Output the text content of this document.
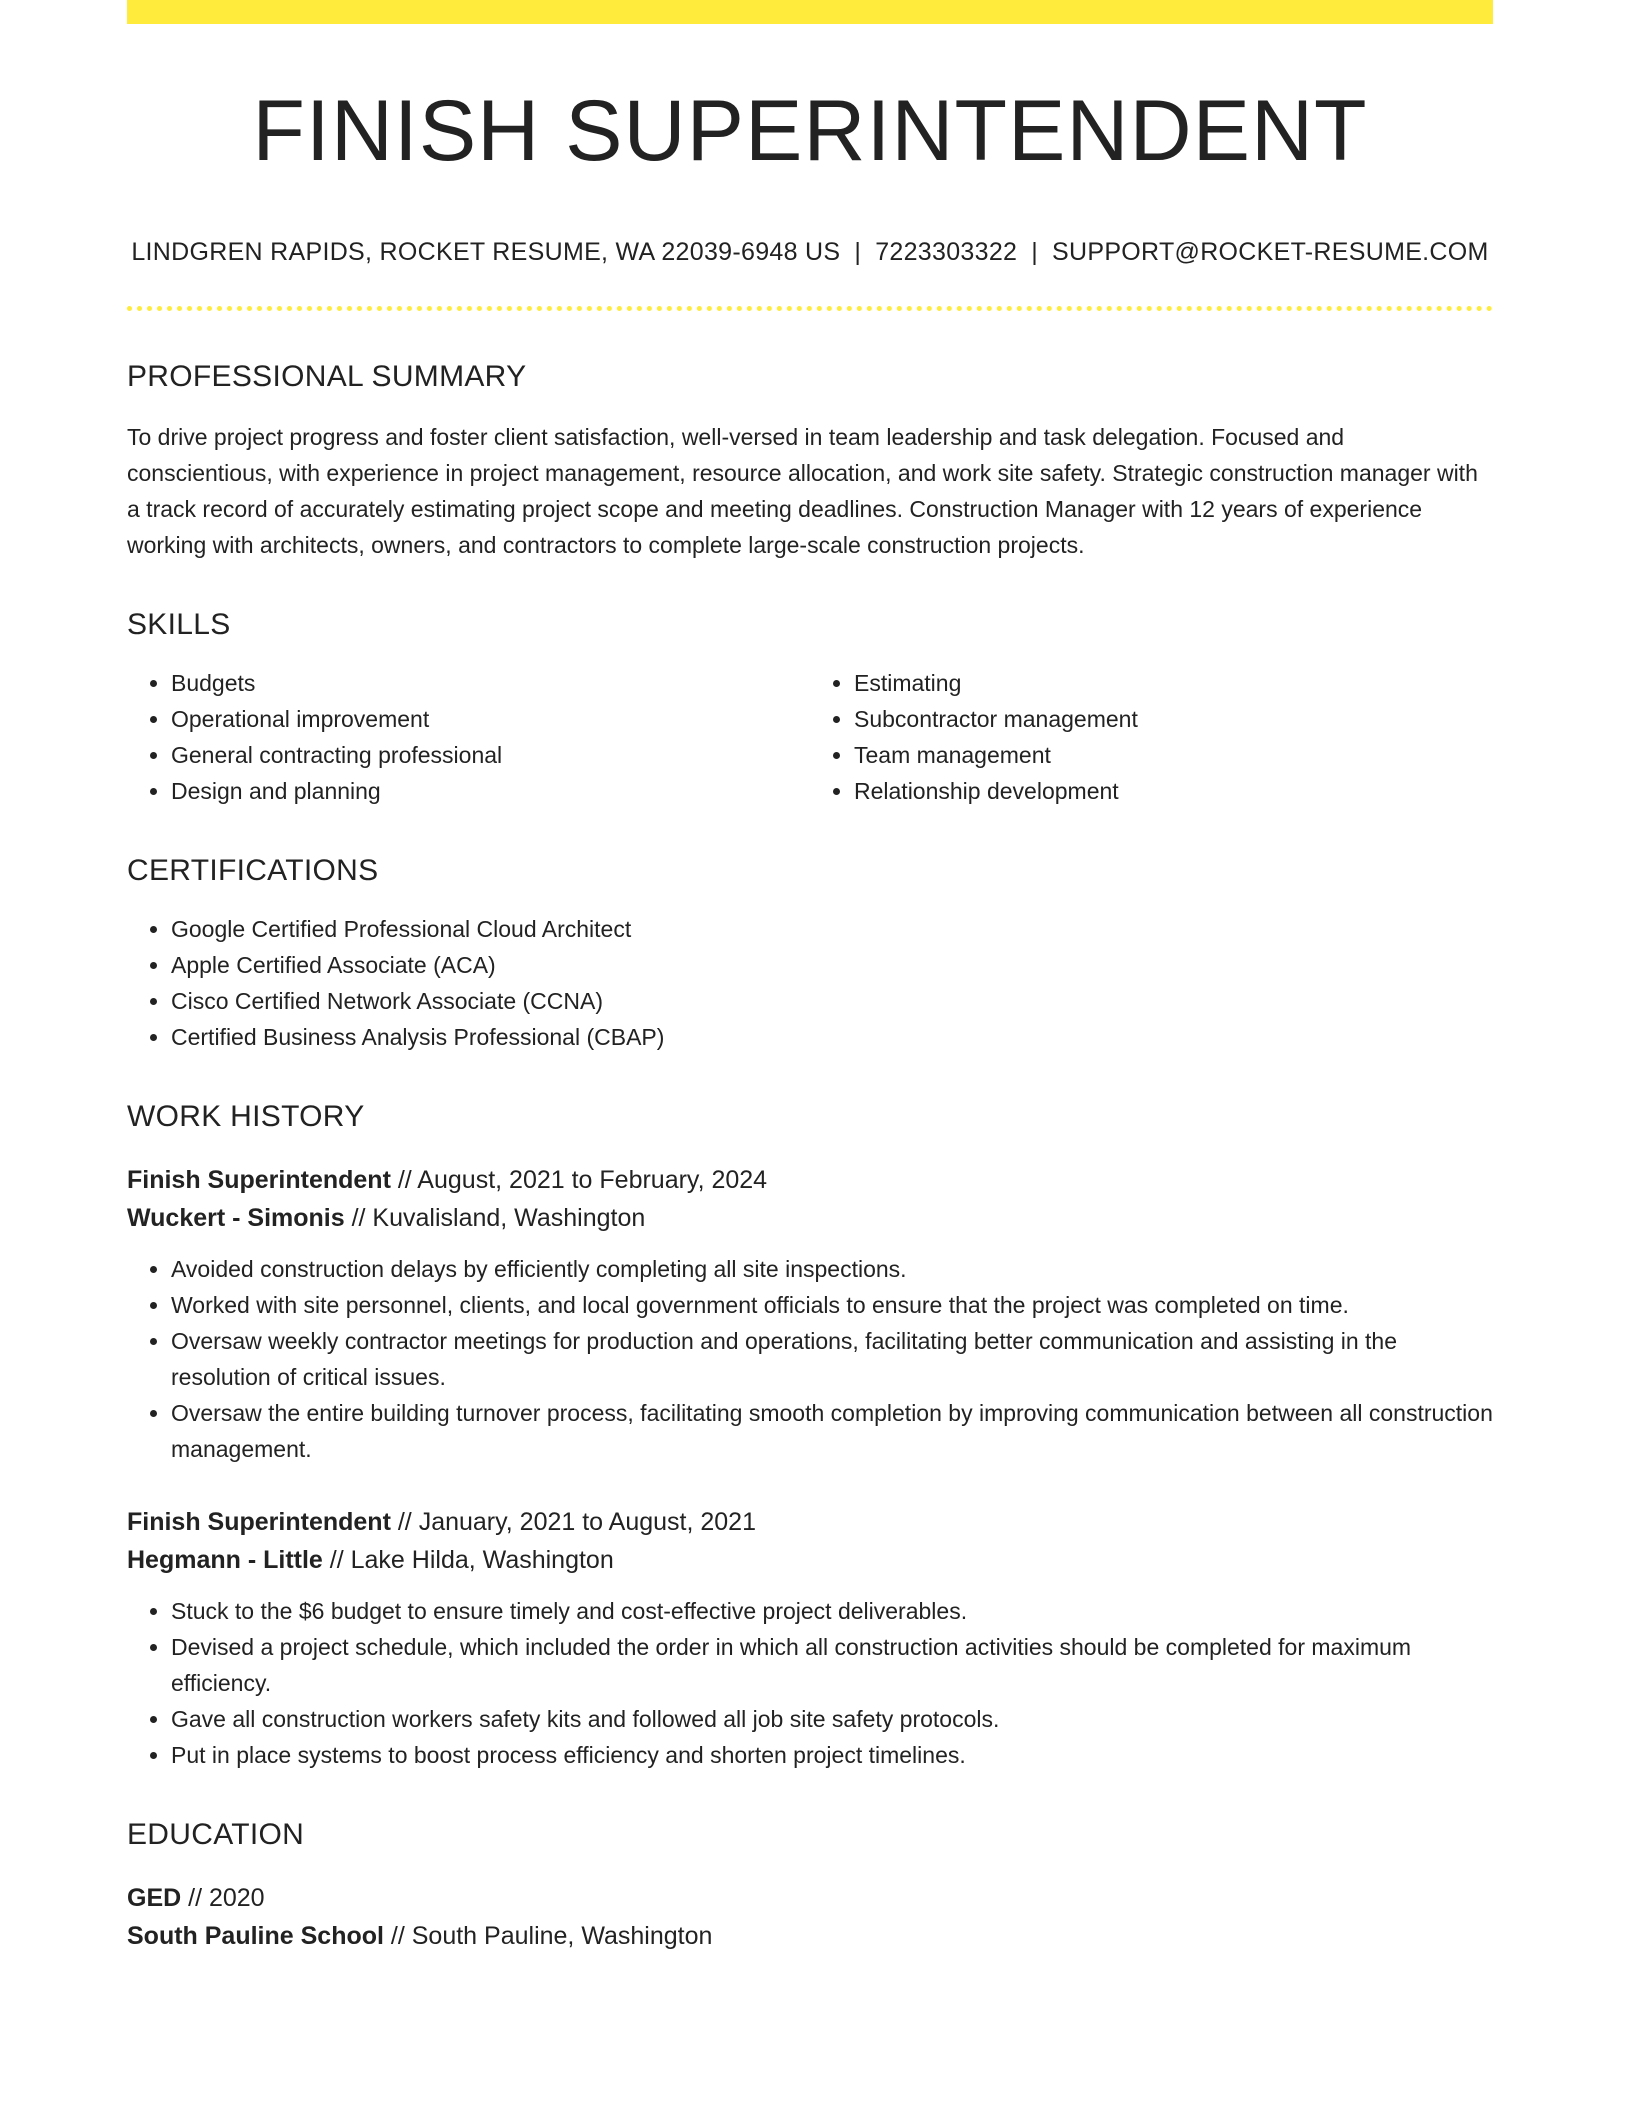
FINISH SUPERINTENDENT
LINDGREN RAPIDS, ROCKET RESUME, WA 22039-6948 US | 7223303322 | SUPPORT@ROCKET-RESUME.COM
PROFESSIONAL SUMMARY
To drive project progress and foster client satisfaction, well-versed in team leadership and task delegation. Focused and conscientious, with experience in project management, resource allocation, and work site safety. Strategic construction manager with a track record of accurately estimating project scope and meeting deadlines. Construction Manager with 12 years of experience working with architects, owners, and contractors to complete large-scale construction projects.
SKILLS
• Budgets
• Operational improvement
• General contracting professional
• Design and planning
• Estimating
• Subcontractor management
• Team management
• Relationship development
CERTIFICATIONS
• Google Certified Professional Cloud Architect
• Apple Certified Associate (ACA)
• Cisco Certified Network Associate (CCNA)
• Certified Business Analysis Professional (CBAP)
WORK HISTORY
Finish Superintendent // August, 2021 to February, 2024
Wuckert - Simonis // Kuvalisland, Washington
• Avoided construction delays by efficiently completing all site inspections.
• Worked with site personnel, clients, and local government officials to ensure that the project was completed on time.
• Oversaw weekly contractor meetings for production and operations, facilitating better communication and assisting in the resolution of critical issues.
• Oversaw the entire building turnover process, facilitating smooth completion by improving communication between all construction management.
Finish Superintendent // January, 2021 to August, 2021
Hegmann - Little // Lake Hilda, Washington
• Stuck to the $6 budget to ensure timely and cost-effective project deliverables.
• Devised a project schedule, which included the order in which all construction activities should be completed for maximum efficiency.
• Gave all construction workers safety kits and followed all job site safety protocols.
• Put in place systems to boost process efficiency and shorten project timelines.
EDUCATION
GED // 2020
South Pauline School // South Pauline, Washington
